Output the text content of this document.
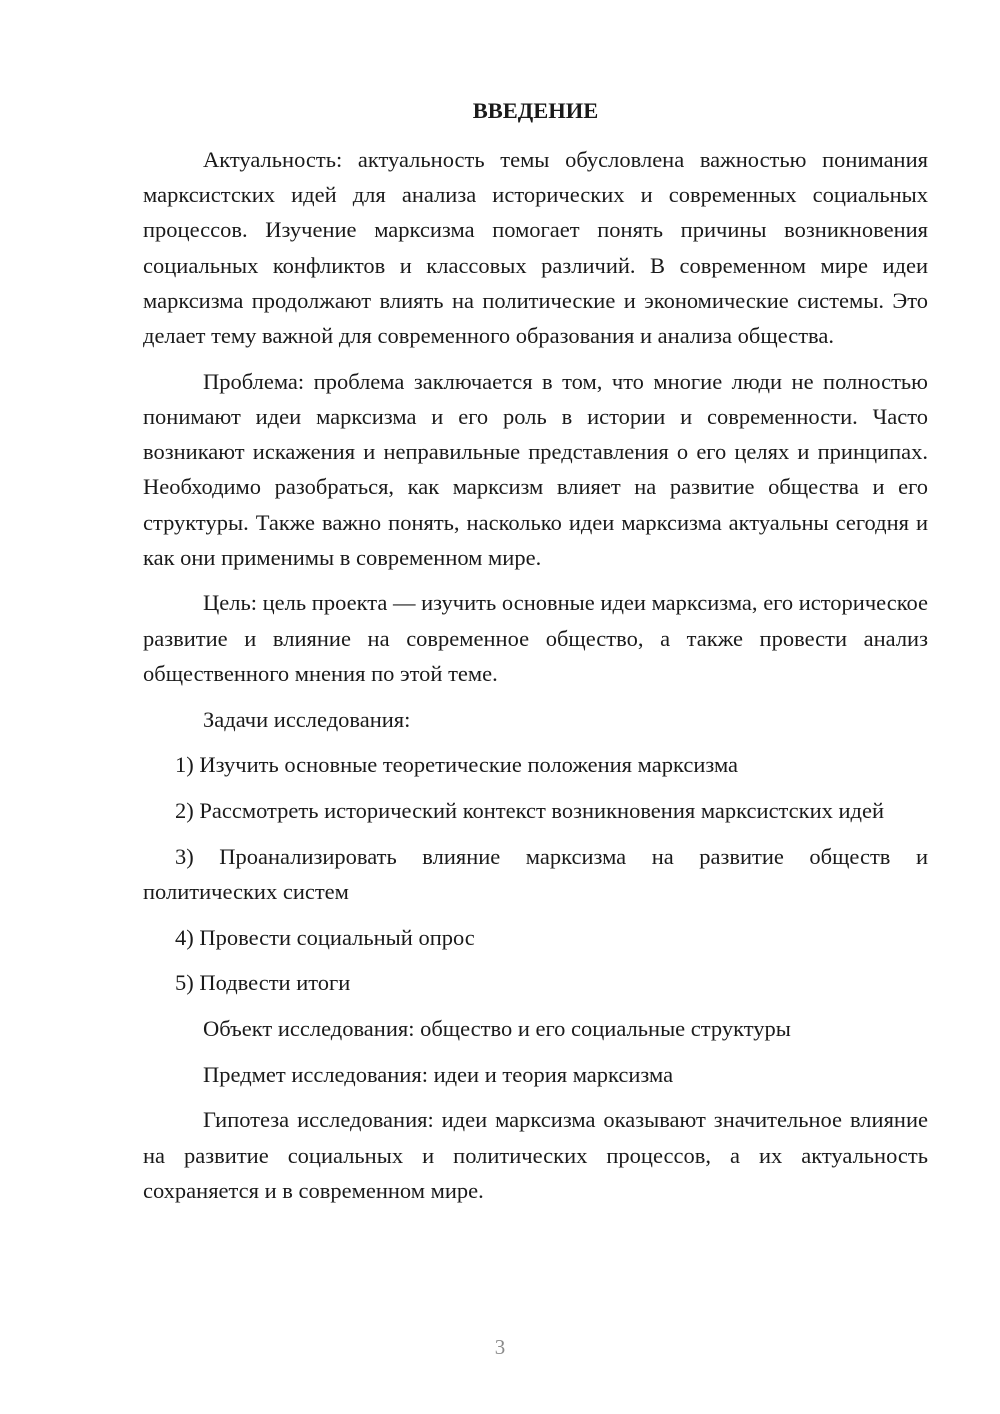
ВВЕДЕНИЕ

Актуальность: актуальность темы обусловлена важностью понимания марксистских идей для анализа исторических и современных социальных процессов. Изучение марксизма помогает понять причины возникновения социальных конфликтов и классовых различий. В современном мире идеи марксизма продолжают влиять на политические и экономические системы. Это делает тему важной для современного образования и анализа общества.

Проблема: проблема заключается в том, что многие люди не полностью понимают идеи марксизма и его роль в истории и современности. Часто возникают искажения и неправильные представления о его целях и принципах. Необходимо разобраться, как марксизм влияет на развитие общества и его структуры. Также важно понять, насколько идеи марксизма актуальны сегодня и как они применимы в современном мире.

Цель: цель проекта — изучить основные идеи марксизма, его историческое развитие и влияние на современное общество, а также провести анализ общественного мнения по этой теме.

Задачи исследования:

1) Изучить основные теоретические положения марксизма

2) Рассмотреть исторический контекст возникновения марксистских идей

3) Проанализировать влияние марксизма на развитие обществ и политических систем

4) Провести социальный опрос

5) Подвести итоги

Объект исследования: общество и его социальные структуры

Предмет исследования: идеи и теория марксизма

Гипотеза исследования: идеи марксизма оказывают значительное влияние на развитие социальных и политических процессов, а их актуальность сохраняется и в современном мире.

3
